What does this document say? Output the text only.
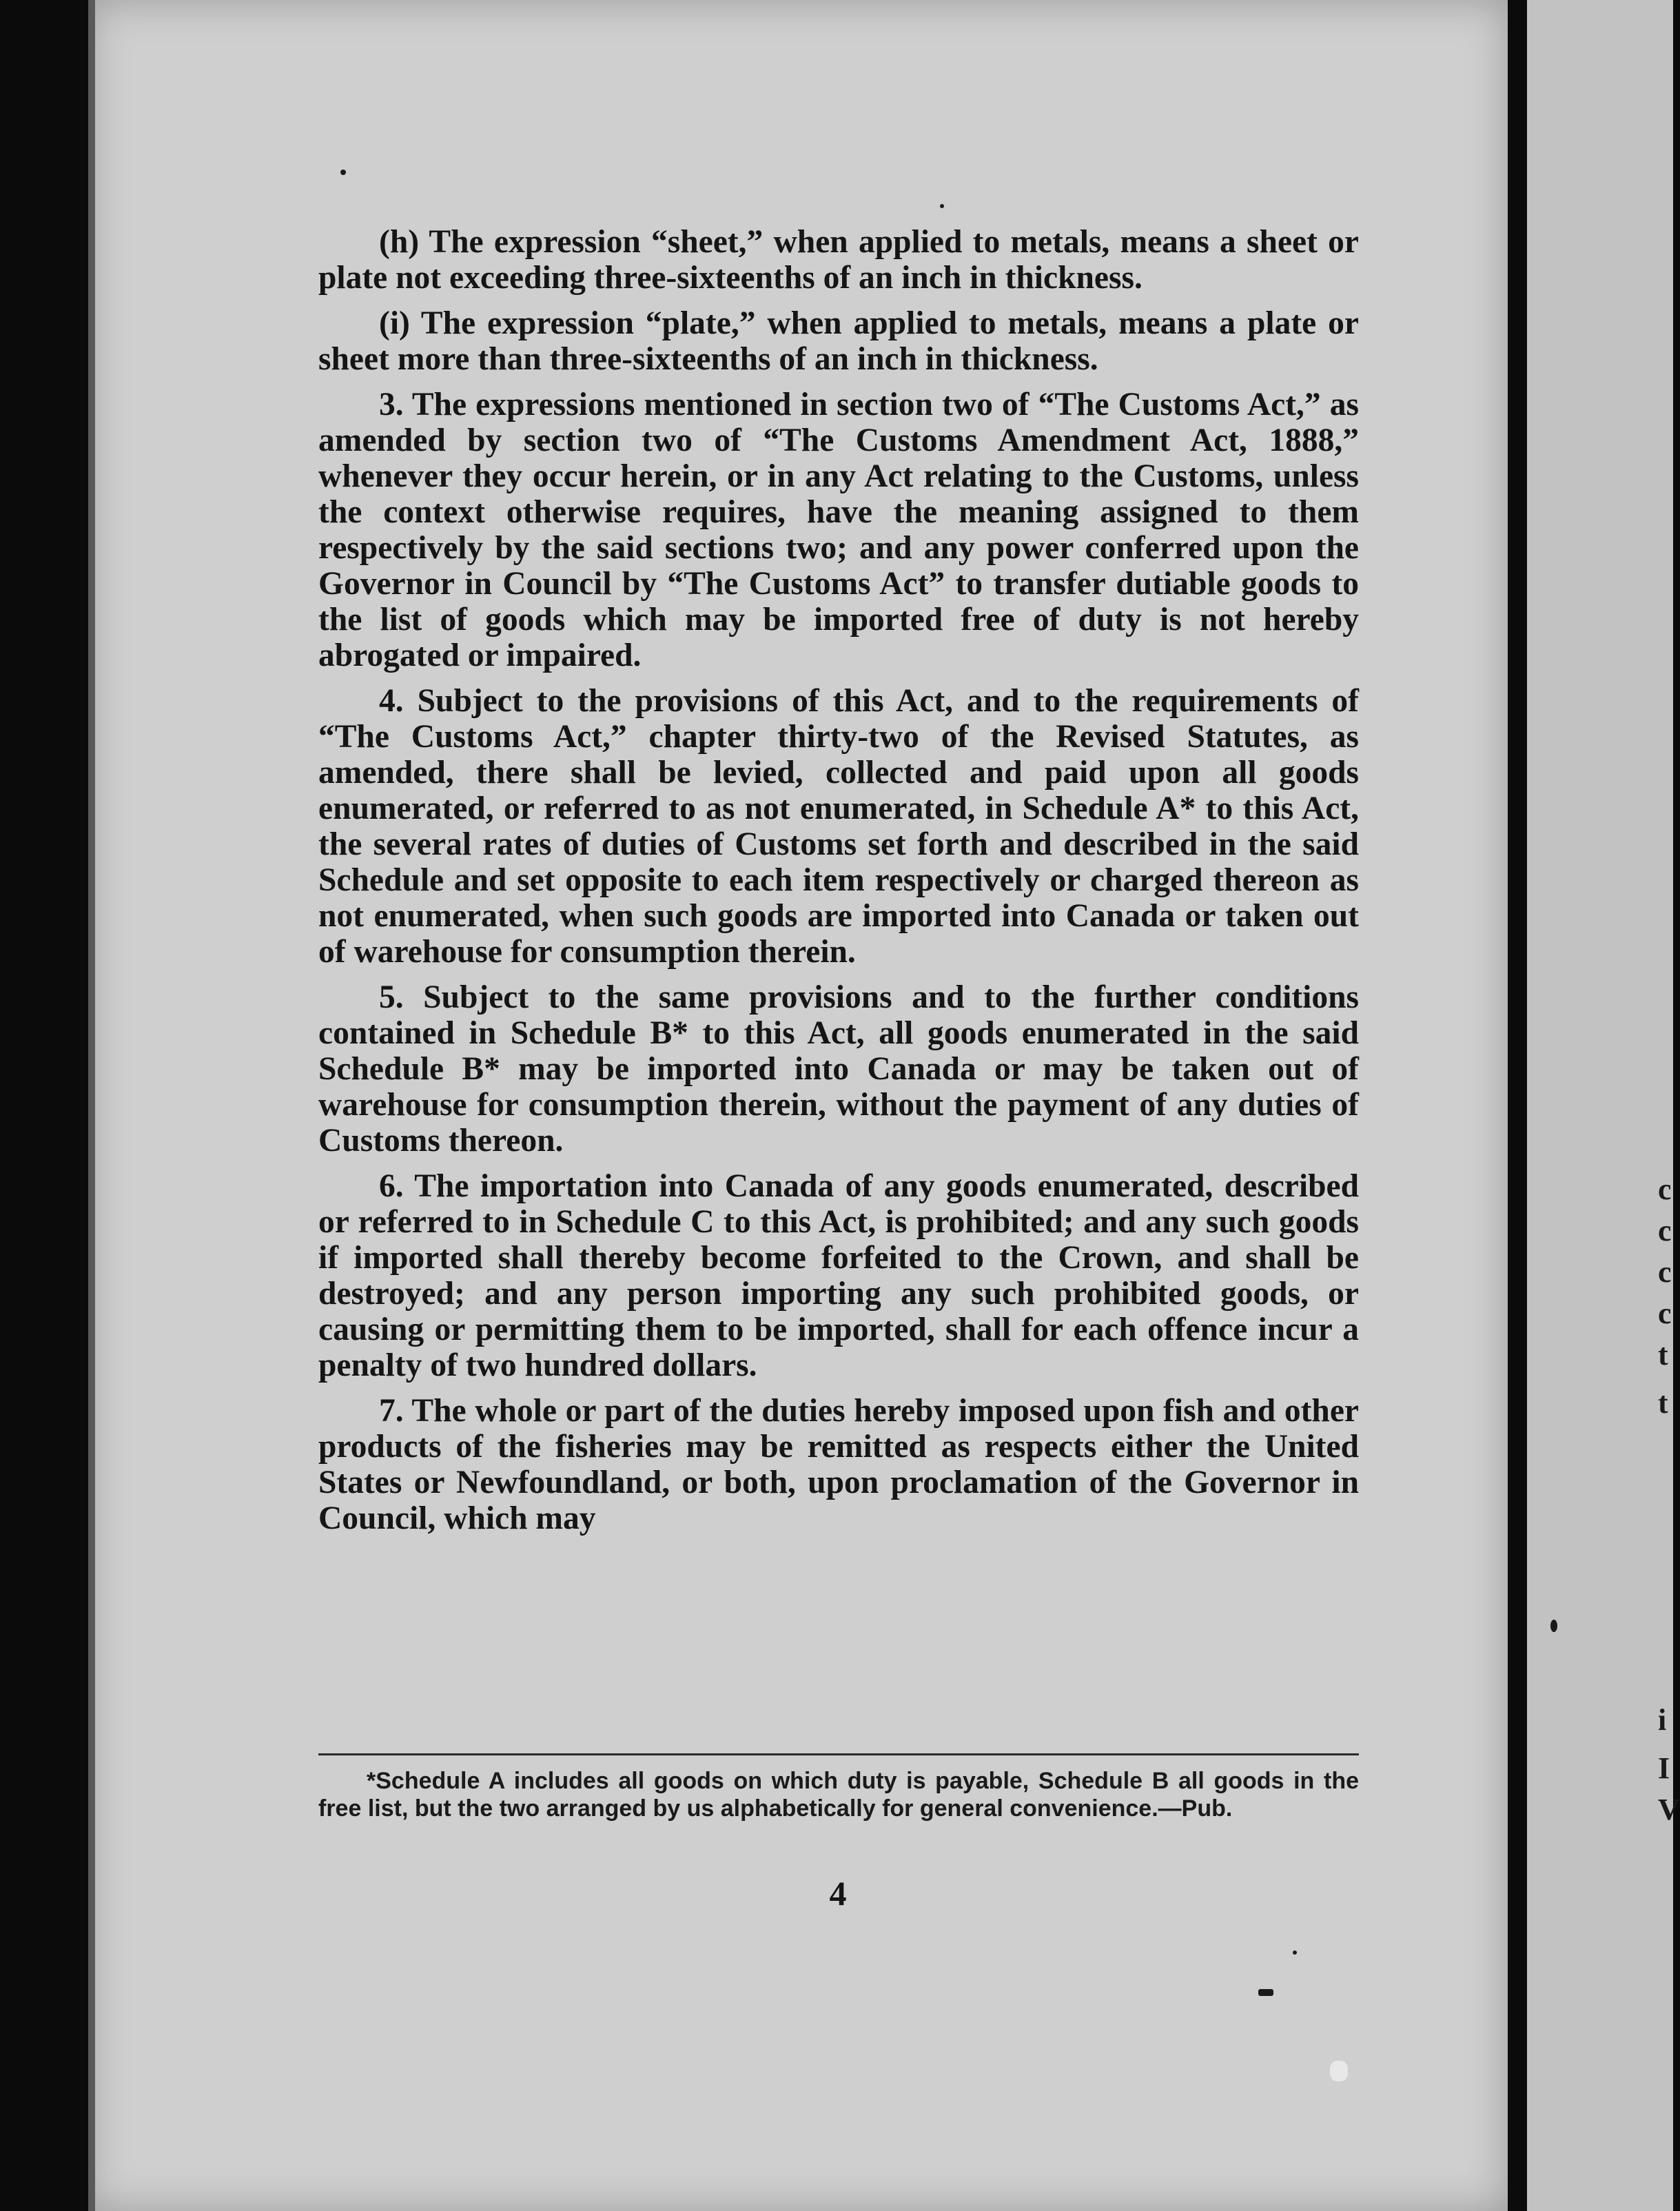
c
c
c
c
t
t
i
I
V

(h) The expression “sheet,” when applied to metals, means a sheet or plate not exceeding three-sixteenths of an inch in thickness.

(i) The expression “plate,” when applied to metals, means a plate or sheet more than three-sixteenths of an inch in thickness.

3. The expressions mentioned in section two of “The Customs Act,” as amended by section two of “The Customs Amendment Act, 1888,” whenever they occur herein, or in any Act relating to the Customs, unless the context otherwise requires, have the meaning assigned to them respectively by the said sections two; and any power conferred upon the Governor in Council by “The Customs Act” to transfer dutiable goods to the list of goods which may be imported free of duty is not hereby abrogated or impaired.

4. Subject to the provisions of this Act, and to the requirements of “The Customs Act,” chapter thirty-two of the Revised Statutes, as amended, there shall be levied, collected and paid upon all goods enumerated, or referred to as not enumerated, in Schedule A* to this Act, the several rates of duties of Customs set forth and described in the said Schedule and set opposite to each item respectively or charged thereon as not enumerated, when such goods are imported into Canada or taken out of warehouse for consumption therein.

5. Subject to the same provisions and to the further conditions contained in Schedule B* to this Act, all goods enumerated in the said Schedule B* may be imported into Canada or may be taken out of warehouse for consumption therein, without the payment of any duties of Customs thereon.

6. The importation into Canada of any goods enumerated, described or referred to in Schedule C to this Act, is prohibited; and any such goods if imported shall thereby become forfeited to the Crown, and shall be destroyed; and any person importing any such prohibited goods, or causing or permitting them to be imported, shall for each offence incur a penalty of two hundred dollars.

7. The whole or part of the duties hereby imposed upon fish and other products of the fisheries may be remitted as respects either the United States or Newfoundland, or both, upon proclamation of the Governor in Council, which may

*Schedule A includes all goods on which duty is payable, Schedule B all goods in the free list, but the two arranged by us alphabetically for general convenience.—Pub.
4
